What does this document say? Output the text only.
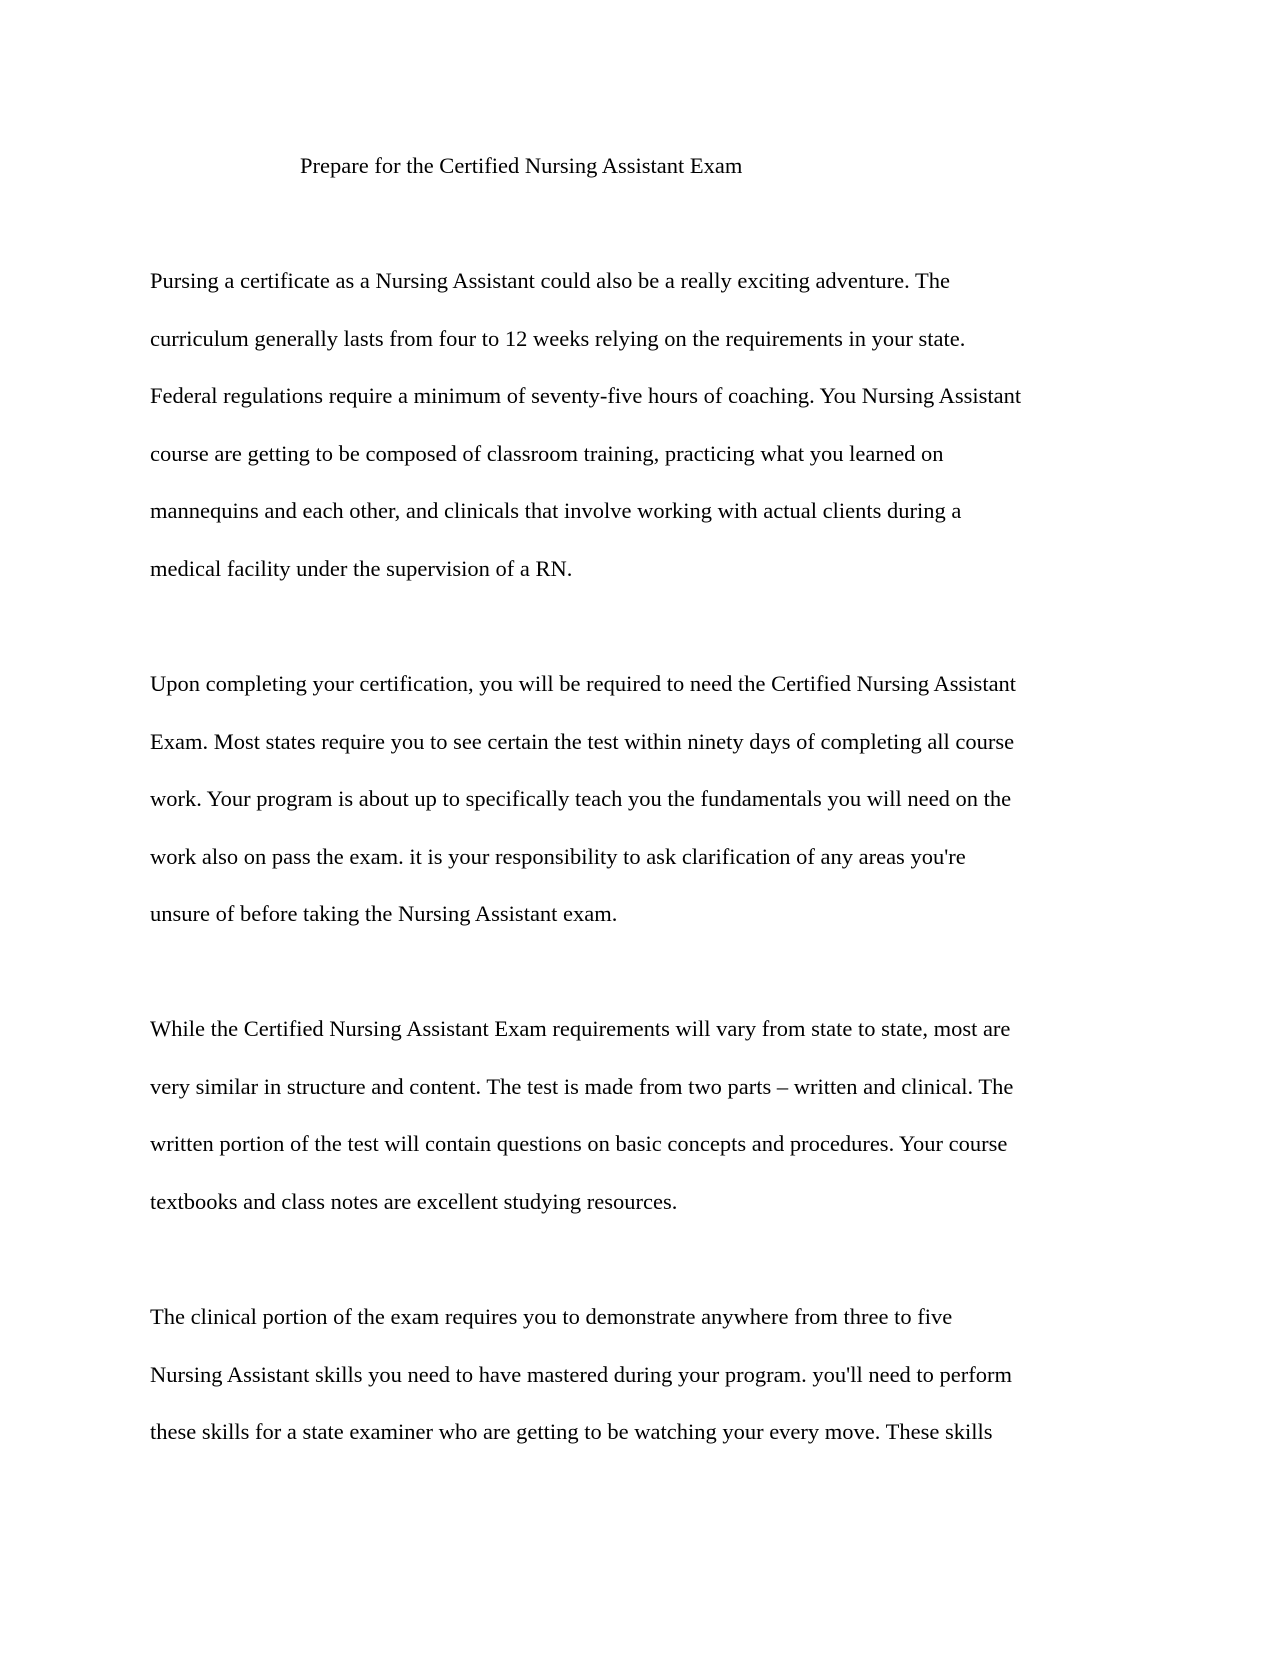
Prepare for the Certified Nursing Assistant Exam

Pursing a certificate as a Nursing Assistant could also be a really exciting adventure. The
curriculum generally lasts from four to 12 weeks relying on the requirements in your state.
Federal regulations require a minimum of seventy-five hours of coaching. You Nursing Assistant
course are getting to be composed of classroom training, practicing what you learned on
mannequins and each other, and clinicals that involve working with actual clients during a
medical facility under the supervision of a RN.

Upon completing your certification, you will be required to need the Certified Nursing Assistant
Exam. Most states require you to see certain the test within ninety days of completing all course
work. Your program is about up to specifically teach you the fundamentals you will need on the
work also on pass the exam. it is your responsibility to ask clarification of any areas you're
unsure of before taking the Nursing Assistant exam.

While the Certified Nursing Assistant Exam requirements will vary from state to state, most are
very similar in structure and content. The test is made from two parts – written and clinical. The
written portion of the test will contain questions on basic concepts and procedures. Your course
textbooks and class notes are excellent studying resources.

The clinical portion of the exam requires you to demonstrate anywhere from three to five
Nursing Assistant skills you need to have mastered during your program. you'll need to perform
these skills for a state examiner who are getting to be watching your every move. These skills
